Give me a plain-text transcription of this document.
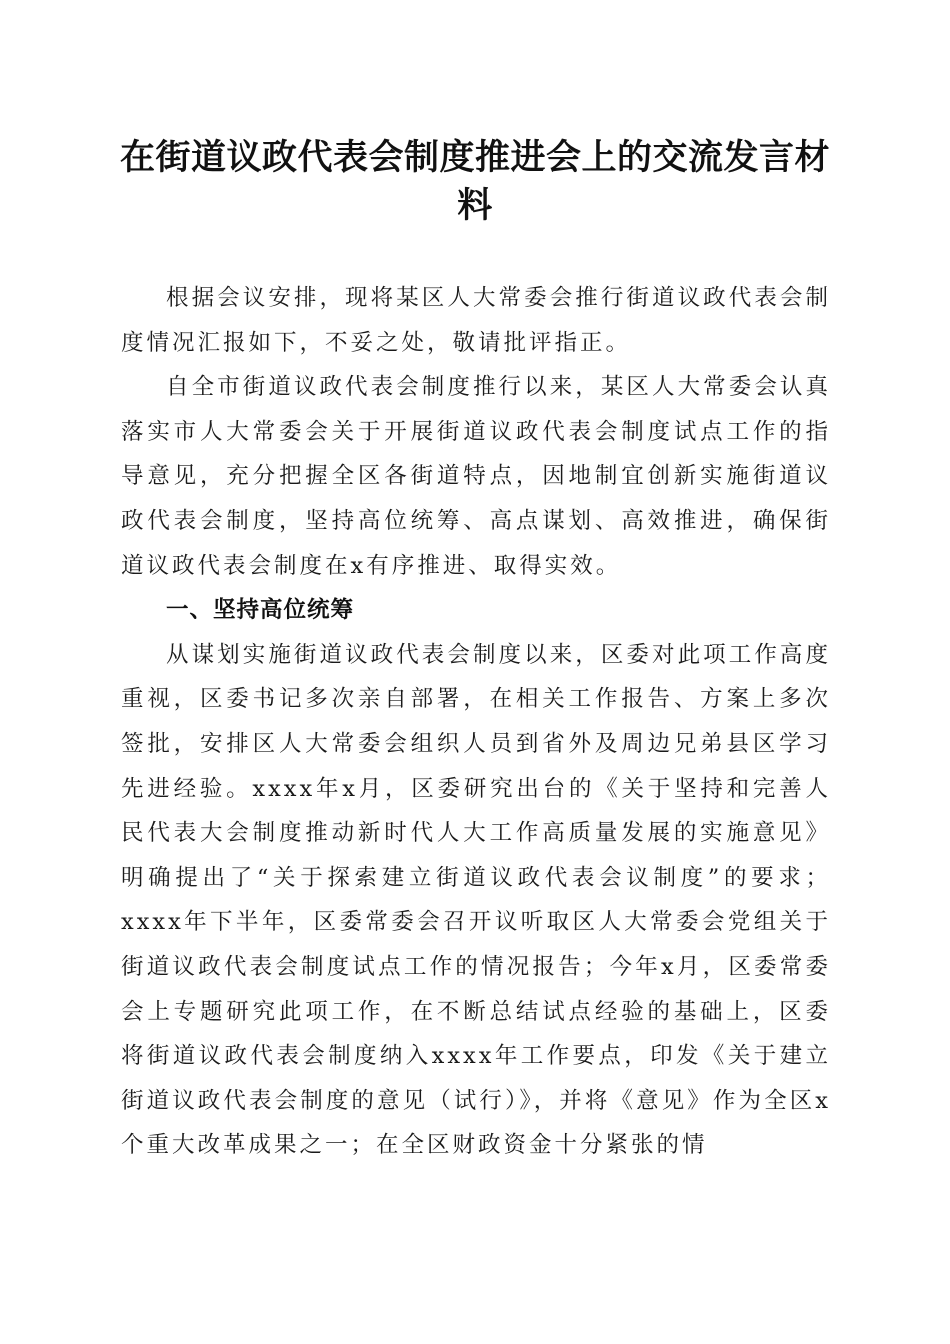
在街道议政代表会制度推进会上的交流发言材料

根据会议安排，现将某区人大常委会推行街道议政代表会制度情况汇报如下，不妥之处，敬请批评指正。

自全市街道议政代表会制度推行以来，某区人大常委会认真落实市人大常委会关于开展街道议政代表会制度试点工作的指导意见，充分把握全区各街道特点，因地制宜创新实施街道议政代表会制度，坚持高位统筹、高点谋划、高效推进，确保街道议政代表会制度在x有序推进、取得实效。

一、坚持高位统筹

从谋划实施街道议政代表会制度以来，区委对此项工作高度重视，区委书记多次亲自部署，在相关工作报告、方案上多次签批，安排区人大常委会组织人员到省外及周边兄弟县区学习先进经验。xxxx年x月，区委研究出台的《关于坚持和完善人民代表大会制度推动新时代人大工作高质量发展的实施意见》明确提出了“关于探索建立街道议政代表会议制度”的要求；xxxx年下半年，区委常委会召开议听取区人大常委会党组关于街道议政代表会制度试点工作的情况报告；今年x月，区委常委会上专题研究此项工作，在不断总结试点经验的基础上，区委将街道议政代表会制度纳入xxxx年工作要点，印发《关于建立街道议政代表会制度的意见（试行）》，并将《意见》作为全区x个重大改革成果之一；在全区财政资金十分紧张的情
